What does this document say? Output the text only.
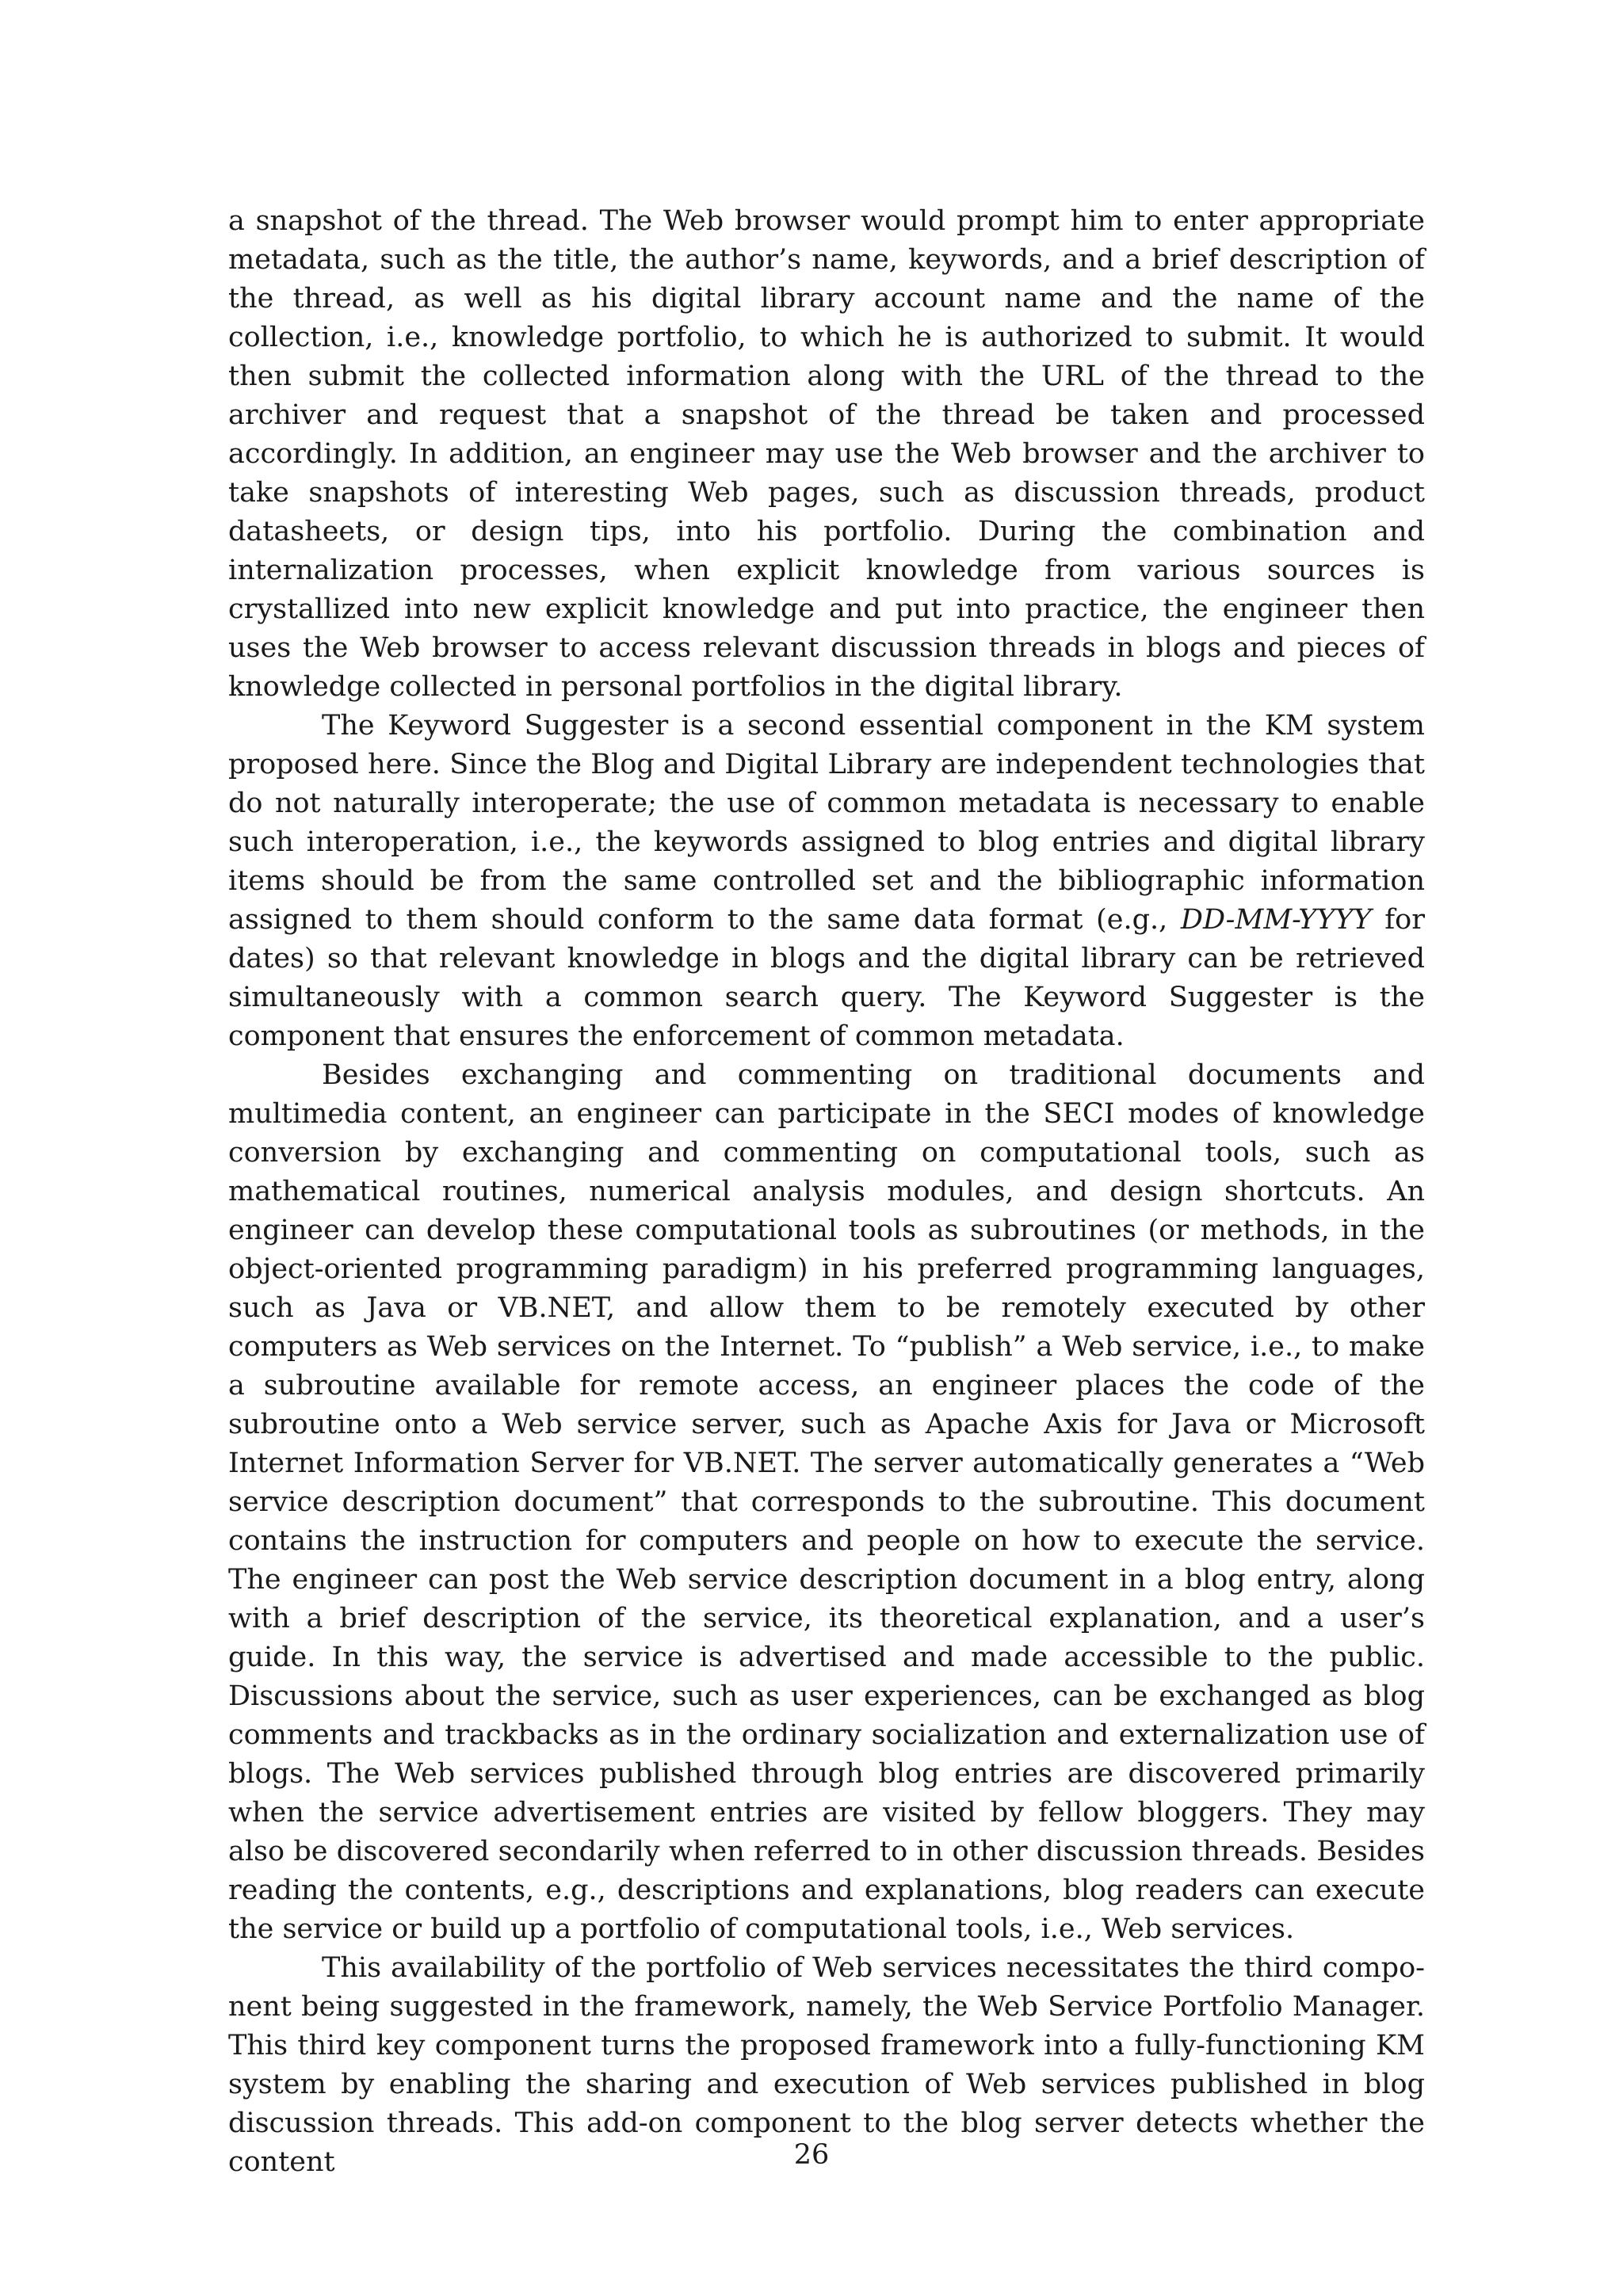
a snapshot of the thread. The Web browser would prompt him to enter appropriate metadata, such as the title, the author’s name, keywords, and a brief description of the thread, as well as his digital library account name and the name of the collection, i.e., knowledge portfolio, to which he is authorized to submit. It would then submit the collected information along with the URL of the thread to the archiver and request that a snapshot of the thread be taken and processed accordingly. In addition, an engineer may use the Web browser and the archiver to take snapshots of interesting Web pages, such as discussion threads, product datasheets, or design tips, into his portfolio. During the combination and internalization processes, when explicit knowledge from various sources is crystallized into new explicit knowledge and put into practice, the engineer then uses the Web browser to access relevant discussion threads in blogs and pieces of knowledge collected in personal portfolios in the digital library.

The Keyword Suggester is a second essential component in the KM system proposed here. Since the Blog and Digital Library are independent technologies that do not naturally interoperate; the use of common metadata is necessary to enable such interoperation, i.e., the keywords assigned to blog entries and digital library items should be from the same controlled set and the bibliographic information assigned to them should conform to the same data format (e.g., DD-MM-YYYY for dates) so that relevant knowledge in blogs and the digital library can be retrieved simultaneously with a common search query. The Keyword Suggester is the component that ensures the enforcement of common metadata.

Besides exchanging and commenting on traditional documents and multimedia content, an engineer can participate in the SECI modes of knowledge conversion by exchanging and commenting on computational tools, such as mathematical routines, numerical analysis modules, and design shortcuts. An engineer can develop these computational tools as subroutines (or methods, in the object-oriented programming paradigm) in his preferred programming languages, such as Java or VB.NET, and allow them to be remotely executed by other computers as Web services on the Internet. To “publish” a Web service, i.e., to make a subroutine available for remote access, an engineer places the code of the subroutine onto a Web service server, such as Apache Axis for Java or Microsoft Internet Information Server for VB.NET. The server automatically generates a “Web service description document” that corresponds to the subroutine. This document contains the instruction for computers and people on how to execute the service. The engineer can post the Web service description document in a blog entry, along with a brief description of the service, its theoretical explanation, and a user’s guide. In this way, the service is advertised and made accessible to the public. Discussions about the service, such as user experiences, can be exchanged as blog comments and trackbacks as in the ordinary socialization and externalization use of blogs. The Web services published through blog entries are discovered primarily when the service advertisement entries are visited by fellow bloggers. They may also be discovered secondarily when referred to in other discussion threads. Besides reading the contents, e.g., descriptions and explanations, blog readers can execute the service or build up a portfolio of computational tools, i.e., Web services.

This availability of the portfolio of Web services necessitates the third component being suggested in the framework, namely, the Web Service Portfolio Manager. This third key component turns the proposed framework into a fully-functioning KM system by enabling the sharing and execution of Web services published in blog discussion threads. This add-on component to the blog server detects whether the content	26
